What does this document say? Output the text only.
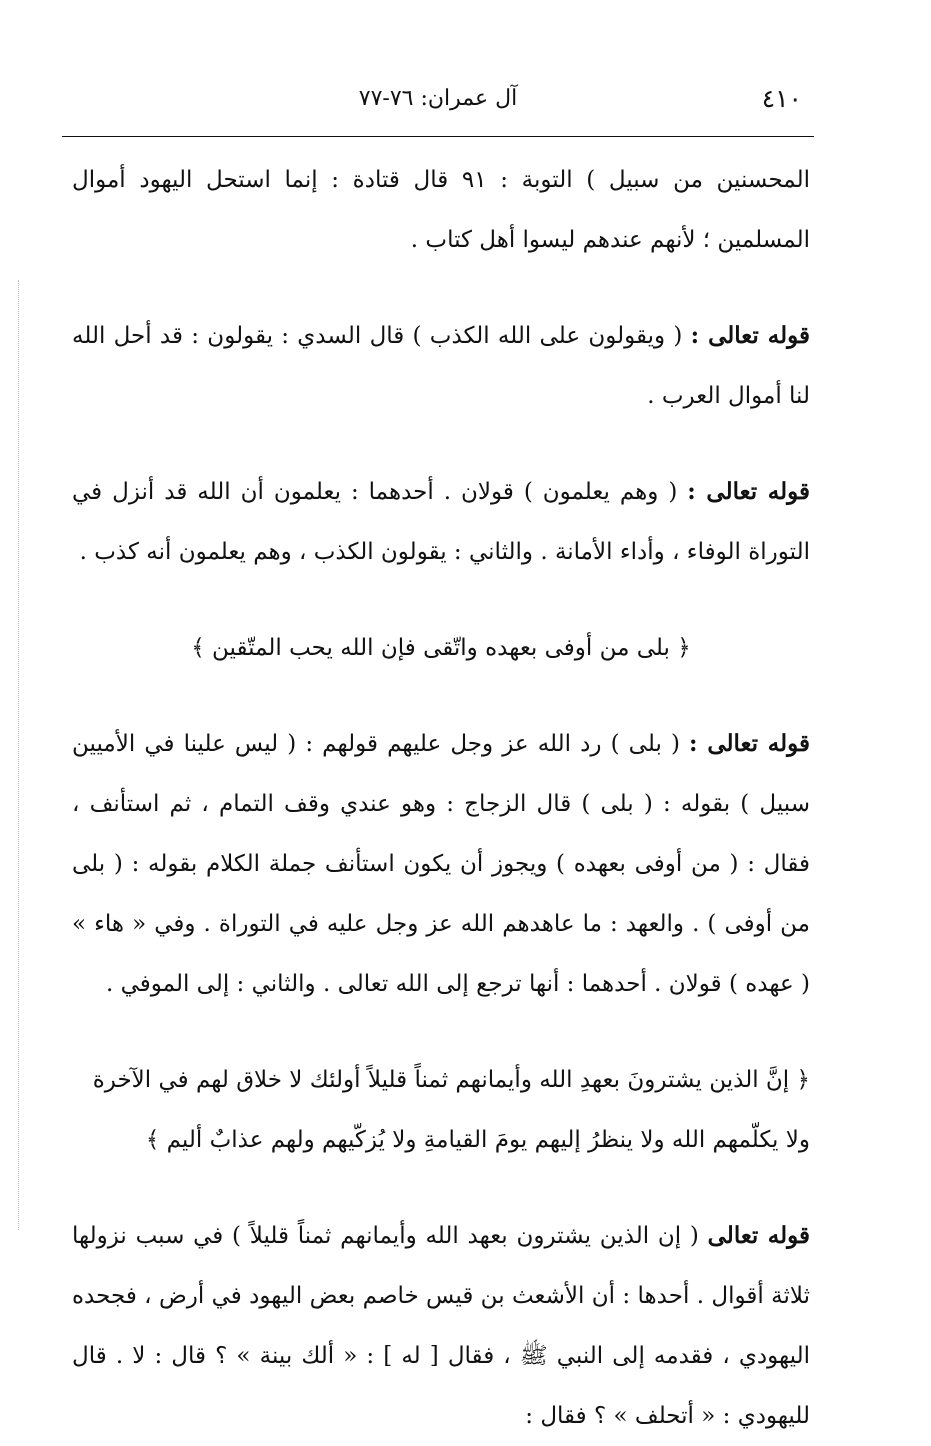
٤١٠
آل عمران: ٧٦-٧٧

المحسنين من سبيل ) التوبة : ٩١ قال قتادة : إنما استحل اليهود أموال المسلمين ؛ لأنهم عندهم ليسوا أهل كتاب .

قوله تعالى : ( ويقولون على الله الكذب ) قال السدي : يقولون : قد أحل الله لنا أموال العرب .

قوله تعالى : ( وهم يعلمون ) قولان . أحدهما : يعلمون أن الله قد أنزل في التوراة الوفاء ، وأداء الأمانة . والثاني : يقولون الكذب ، وهم يعلمون أنه كذب .

﴿ بلى من أوفى بعهده واتّقى فإن الله يحب المتّقين ﴾

قوله تعالى : ( بلى ) رد الله عز وجل عليهم قولهم : ( ليس علينا في الأميين سبيل ) بقوله : ( بلى ) قال الزجاج : وهو عندي وقف التمام ، ثم استأنف ، فقال : ( من أوفى بعهده ) ويجوز أن يكون استأنف جملة الكلام بقوله : ( بلى من أوفى ) . والعهد : ما عاهدهم الله عز وجل عليه في التوراة . وفي « هاء » ( عهده ) قولان . أحدهما : أنها ترجع إلى الله تعالى . والثاني : إلى الموفي .

﴿ إنَّ الذين يشترونَ بعهدِ الله وأيمانهم ثمناً قليلاً أولئك لا خلاق لهم في الآخرة ولا يكلّمهم الله ولا ينظرُ إليهم يومَ القيامةِ ولا يُزكّيهم ولهم عذابٌ أليم ﴾

قوله تعالى ( إن الذين يشترون بعهد الله وأيمانهم ثمناً قليلاً ) في سبب نزولها ثلاثة أقوال . أحدها : أن الأشعث بن قيس خاصم بعض اليهود في أرض ، فجحده اليهودي ، فقدمه إلى النبي ﷺ ، فقال [ له ] : « ألك بينة » ؟ قال : لا . قال لليهودي : « أتحلف » ؟ فقال :
